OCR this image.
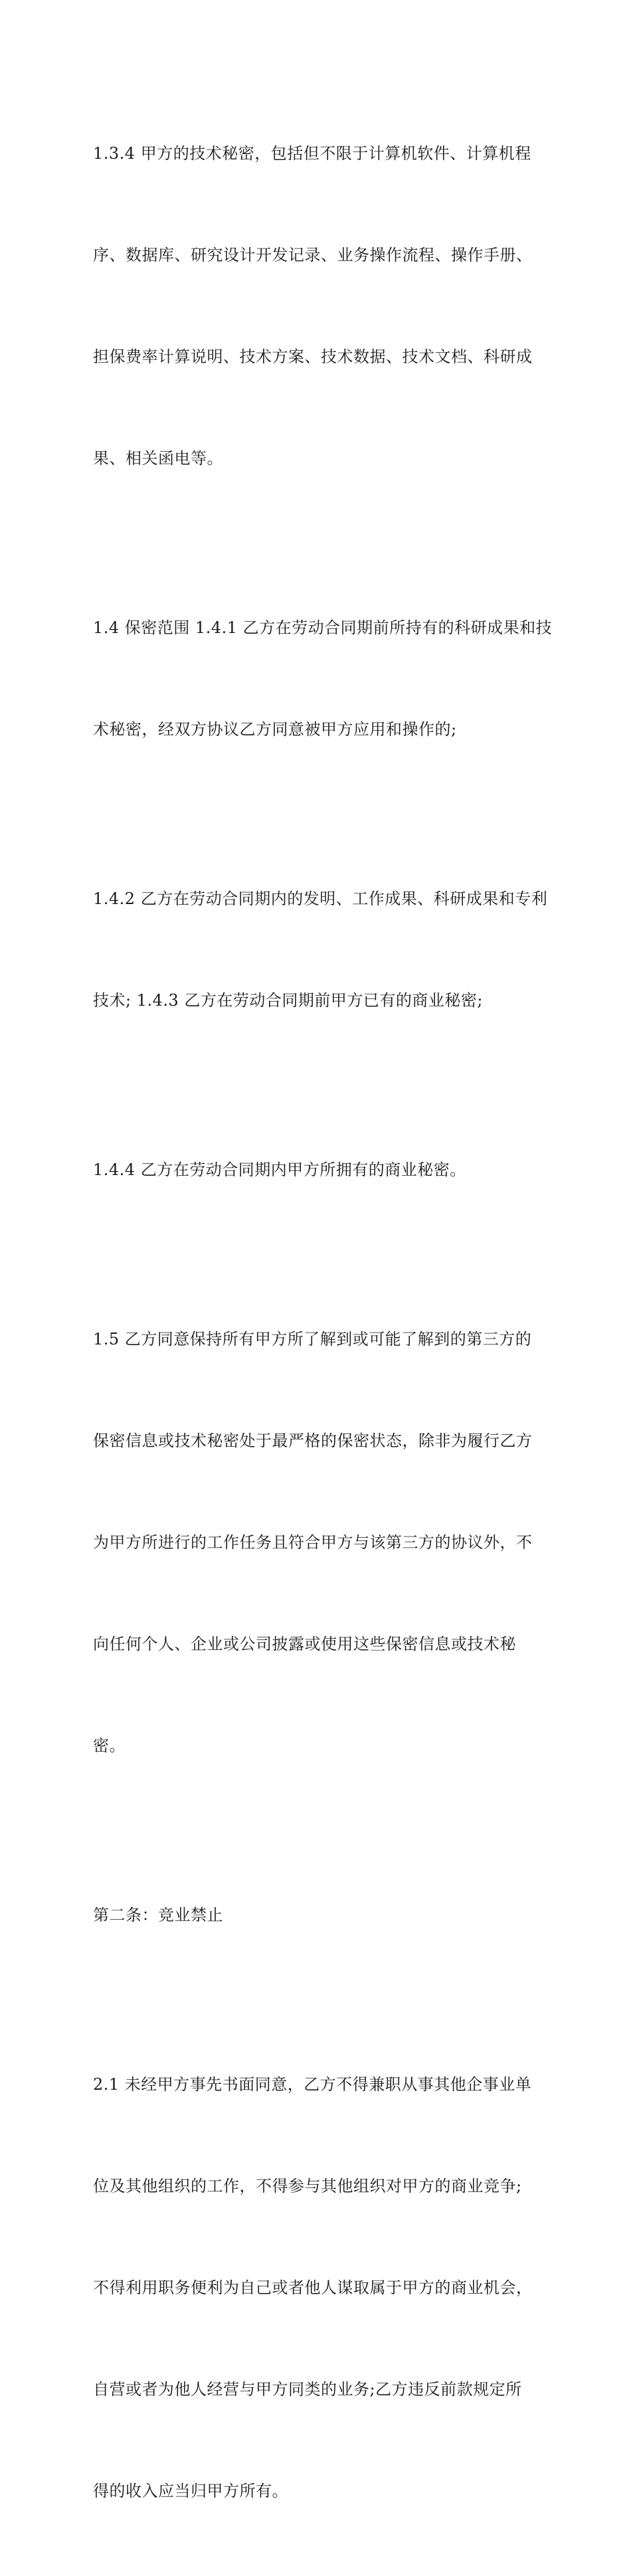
1.3.4 甲方的技术秘密，包括但不限于计算机软件、计算机程

序、数据库、研究设计开发记录、业务操作流程、操作手册、

担保费率计算说明、技术方案、技术数据、技术文档、科研成

果、相关函电等。

1.4 保密范围 1.4.1 乙方在劳动合同期前所持有的科研成果和技

术秘密，经双方协议乙方同意被甲方应用和操作的;

1.4.2 乙方在劳动合同期内的发明、工作成果、科研成果和专利

技术; 1.4.3 乙方在劳动合同期前甲方已有的商业秘密;

1.4.4 乙方在劳动合同期内甲方所拥有的商业秘密。

1.5 乙方同意保持所有甲方所了解到或可能了解到的第三方的

保密信息或技术秘密处于最严格的保密状态，除非为履行乙方

为甲方所进行的工作任务且符合甲方与该第三方的协议外，不

向任何个人、企业或公司披露或使用这些保密信息或技术秘

密。

第二条：竞业禁止

2.1 未经甲方事先书面同意，乙方不得兼职从事其他企事业单

位及其他组织的工作，不得参与其他组织对甲方的商业竞争;

不得利用职务便利为自己或者他人谋取属于甲方的商业机会，

自营或者为他人经营与甲方同类的业务;乙方违反前款规定所

得的收入应当归甲方所有。
